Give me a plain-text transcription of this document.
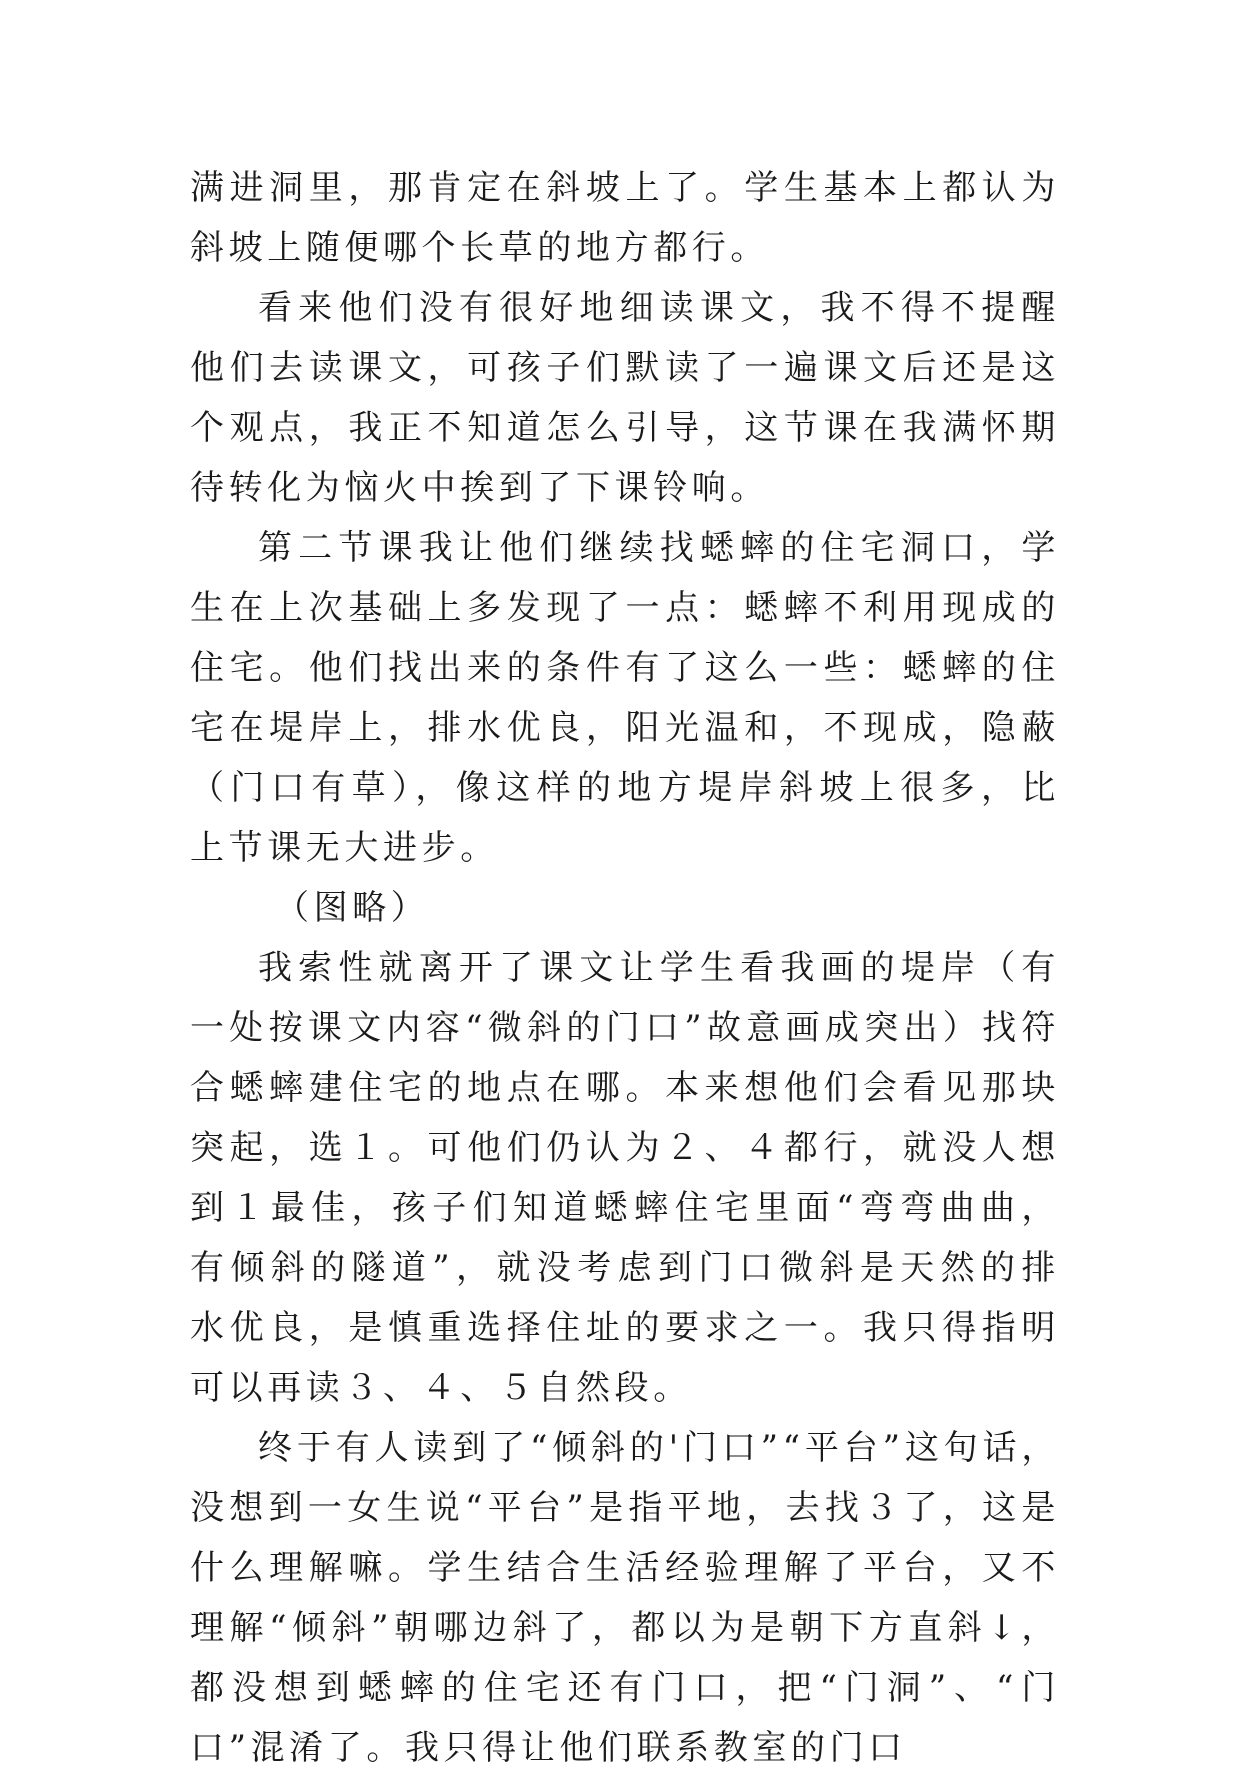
满进洞里，那肯定在斜坡上了。学生基本上都认为斜坡上随便哪个长草的地方都行。

看来他们没有很好地细读课文，我不得不提醒他们去读课文，可孩子们默读了一遍课文后还是这个观点，我正不知道怎么引导，这节课在我满怀期待转化为恼火中挨到了下课铃响。

第二节课我让他们继续找蟋蟀的住宅洞口，学生在上次基础上多发现了一点：蟋蟀不利用现成的住宅。他们找出来的条件有了这么一些：蟋蟀的住宅在堤岸上，排水优良，阳光温和，不现成，隐蔽（门口有草），像这样的地方堤岸斜坡上很多，比上节课无大进步。

（图略）

我索性就离开了课文让学生看我画的堤岸（有一处按课文内容“微斜的门口”故意画成突出）找符合蟋蟀建住宅的地点在哪。本来想他们会看见那块突起，选１。可他们仍认为２、４都行，就没人想到１最佳，孩子们知道蟋蟀住宅里面“弯弯曲曲，有倾斜的隧道”，就没考虑到门口微斜是天然的排水优良，是慎重选择住址的要求之一。我只得指明可以再读３、４、５自然段。

终于有人读到了“倾斜的'门口”“平台”这句话，没想到一女生说“平台”是指平地，去找３了，这是什么理解嘛。学生结合生活经验理解了平台，又不理解“倾斜”朝哪边斜了，都以为是朝下方直斜↓，都没想到蟋蟀的住宅还有门口，把“门洞”、“门口”混淆了。我只得让他们联系教室的门口
